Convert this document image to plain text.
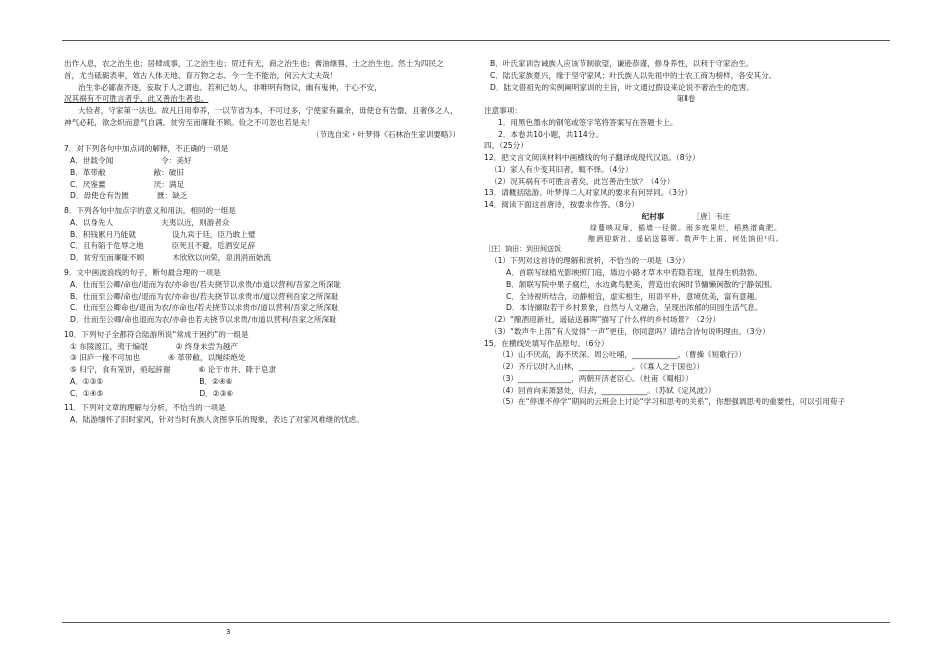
出作入息，农之治生也；居肆成事，工之治生也；贸迁有无，商之治生也；膏油继晷，士之治生也。然士为四民之

首，尤当砥砺表率，效古人体天地、育万物之志。今一生不能治，何云大丈夫哉！

治生非必鄙啬齐逐，妄取于人之谓也。若利己妨人，非唯明有物议，幽有鬼神，于心不安，

况其祸有不可胜言者乎，此又善治生者也。

大俭者，守家第一法也。故凡日用奉养，一以节省为本，不可过多，宁使家有赢余，毋使仓有告罄，且奢侈之人，

神气必耗，欲念炽而意气自满，贫穷至而廉耻不顾。俭之不可忽也若是夫！

（节选自宋・叶梦得《石林治生家训要略》）

7．对下列各句中加点词的解释，不正确的一项是

A．世载令闻	令：美好

B．革带敝	敝：破旧

C．厌鉴藿	厌：满足

D．毋使仓有告匮	匮：缺乏

8．下列各句中加点字的意义和用法，相同的一组是

A．以身先人	夫夷以近，则游者众

B．积钱累月乃能就	设九宾于廷，臣乃敢上璧

C．且有陷于危辱之地	臣死且不避，卮酒安足辞

D．贫穷至而廉耻不顾	木欣欣以向荣，泉涓涓而始流

9．文中画波浪线的句子，断句最合理的一项是

A．仕而至公卿/命也/退而为农/亦命也/若夫挠节以求贵/市道以营利/吾家之所深耻

B．仕而至公卿/命也/退而为农/亦命也/若夫挠节以求贵市/道以营利吾家之所深耻

C．仕而至公卿命也/退而为农/亦命也/若夫挠节以求贵市/道以营利/吾家之所深耻

D．仕而至公卿/命也退而为农/亦命也若夫挠节以求贵/市道以营利/吾家之所深耻

10．下列句子全都符合陆游所说“常成于困约”的一组是

① 东陵渡江，夷于编氓	② 终身未尝为越产

③ 旧庐一椽不可加也	④ 革带敝，以绳续绝处

⑤ 归宁，食有笼饼，亟起辞谢	⑥ 论于市井、降于皂隶

A．①③⑤	B．②④⑥

C．①④⑤	D．②③⑥

11．下列对文章的理解与分析，不恰当的一项是

A．陆游缅怀了旧时家风，针对当时有族人贪图享乐的现象，表达了对家风难继的忧虑。

B．叶氏家训告诫族人应该节制欲望，谦逊恭谨，修身养性，以利于守家治生。

C．陆氏家族夏兴，缘于坚守家风；叶氏族人以先祖中的士农工商为榜样，各安其分。

D．陆文借祖先的实例阐明家训的主旨，叶文通过假设来论说不奢治生的危害。

第Ⅱ卷

注意事项：

1．用黑色墨水的钢笔或签字笔将答案写在答题卡上。

2．本卷共10小题，共114分。

四、（25分）

12．把文言文阅读材料中画横线的句子翻译成现代汉语。（8分）

（1）家人有少变其旧者，辄不怿。（4分）

（2）况其祸有不可胜言者矣，此岂善治生欤？（4分）

13．请概括陆游、叶梦得二人对家风的要求有何异同。（3分）

14．阅读下面这首唐诗，按要求作答。（8分）

纪村事	［唐］韦庄

绿蔓映双扉，循墙一径微。雨多庭果烂，稻熟渚禽肥。

酿酒迎新社，遥砧送暮晖。数声牛上笛，何处饷田¹归。

［注］饷田：到田间送饭

（1）下列对这首诗的理解和赏析，不恰当的一项是（3分）

A．首联写绿植光影映照门庭，墙边小路才草木中若隐若现，显得生机勃勃。

B．颔联写院中果子腐烂，水边禽鸟肥美，营造出农闲时节慵懒闲散的宁静氛围。

C．全诗视听结合，动静相宜，虚实相生，用语平朴，意境优美，富有意趣。

D．本诗撷取若干乡村景象，自然与人文融合，呈现出浓郁的田园生活气息。

（2）“酿酒迎新社，遥砧送暮晖”描写了什么样的乡村场景？（2分）

（3）“数声牛上笛”有人觉得“一声”更佳，你同意吗？请结合诗句说明理由。（3分）

15．在横线处填写作品原句。（6分）

（1）山不厌高，海不厌深。周公吐哺，____________。（曹操《短歌行》）

（2）齐斤以时入山林，______________。（《寡人之于国也》）

（3）______________，两朝开济老臣心。（杜甫《蜀相》）

（4）回首向来萧瑟处，归去，____________。（苏轼《定风波》）

（5）在“停课不停学”期间的云班会上讨论“学习和思考的关系”，你想强调思考的重要性，可以引用荀子

3
